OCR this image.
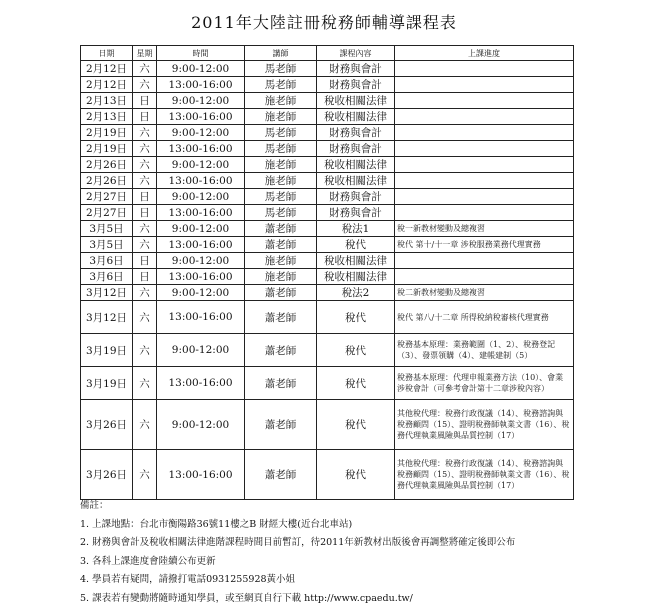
2011年大陸註冊稅務師輔導課程表
日期	星期	時間	講師	課程內容	上課進度
2月12日	六	9:00-12:00	馬老師	財務與會計	
2月12日	六	13:00-16:00	馬老師	財務與會計	
2月13日	日	9:00-12:00	施老師	稅收相關法律	
2月13日	日	13:00-16:00	施老師	稅收相關法律	
2月19日	六	9:00-12:00	馬老師	財務與會計	
2月19日	六	13:00-16:00	馬老師	財務與會計	
2月26日	六	9:00-12:00	施老師	稅收相關法律	
2月26日	六	13:00-16:00	施老師	稅收相關法律	
2月27日	日	9:00-12:00	馬老師	財務與會計	
2月27日	日	13:00-16:00	馬老師	財務與會計	
3月5日	六	9:00-12:00	蕭老師	稅法1	稅一新教材變動及總複習
3月5日	六	13:00-16:00	蕭老師	稅代	稅代 第十/十一章 涉稅服務業務代理實務
3月6日	日	9:00-12:00	施老師	稅收相關法律	
3月6日	日	13:00-16:00	施老師	稅收相關法律	
3月12日	六	9:00-12:00	蕭老師	稅法2	稅二新教材變動及總複習
3月12日	六	13:00-16:00	蕭老師	稅代	稅代 第八/十二章 所得稅納稅審核代理實務
3月19日	六	9:00-12:00	蕭老師	稅代	稅務基本原理：業務範圍（1、2）、稅務登記（3）、發票領購（4）、建帳建制（5）
3月19日	六	13:00-16:00	蕭老師	稅代	稅務基本原理：代理申報業務方法（10）、會業涉稅會計（可參考會計第十二章涉稅內容）
3月26日	六	9:00-12:00	蕭老師	稅代	其他稅代理：稅務行政復議（14）、稅務諮詢與稅務顧問（15）、證明稅務師執業文書（16）、稅務代理執業風險與品質控制（17）
3月26日	六	13:00-16:00	蕭老師	稅代	其他稅代理：稅務行政復議（14）、稅務諮詢與稅務顧問（15）、證明稅務師執業文書（16）、稅務代理執業風險與品質控制（17）
備註：
1. 上課地點：台北市衡陽路36號11樓之B 財經大樓(近台北車站)
2. 財務與會計及稅收相關法律進階課程時間目前暫訂，待2011年新教材出版後會再調整將確定後即公布
3. 各科上課進度會陸續公布更新
4. 學員若有疑問，請撥打電話0931255928黃小姐
5. 課表若有變動將隨時通知學員，或至網頁自行下載 http://www.cpaedu.tw/
